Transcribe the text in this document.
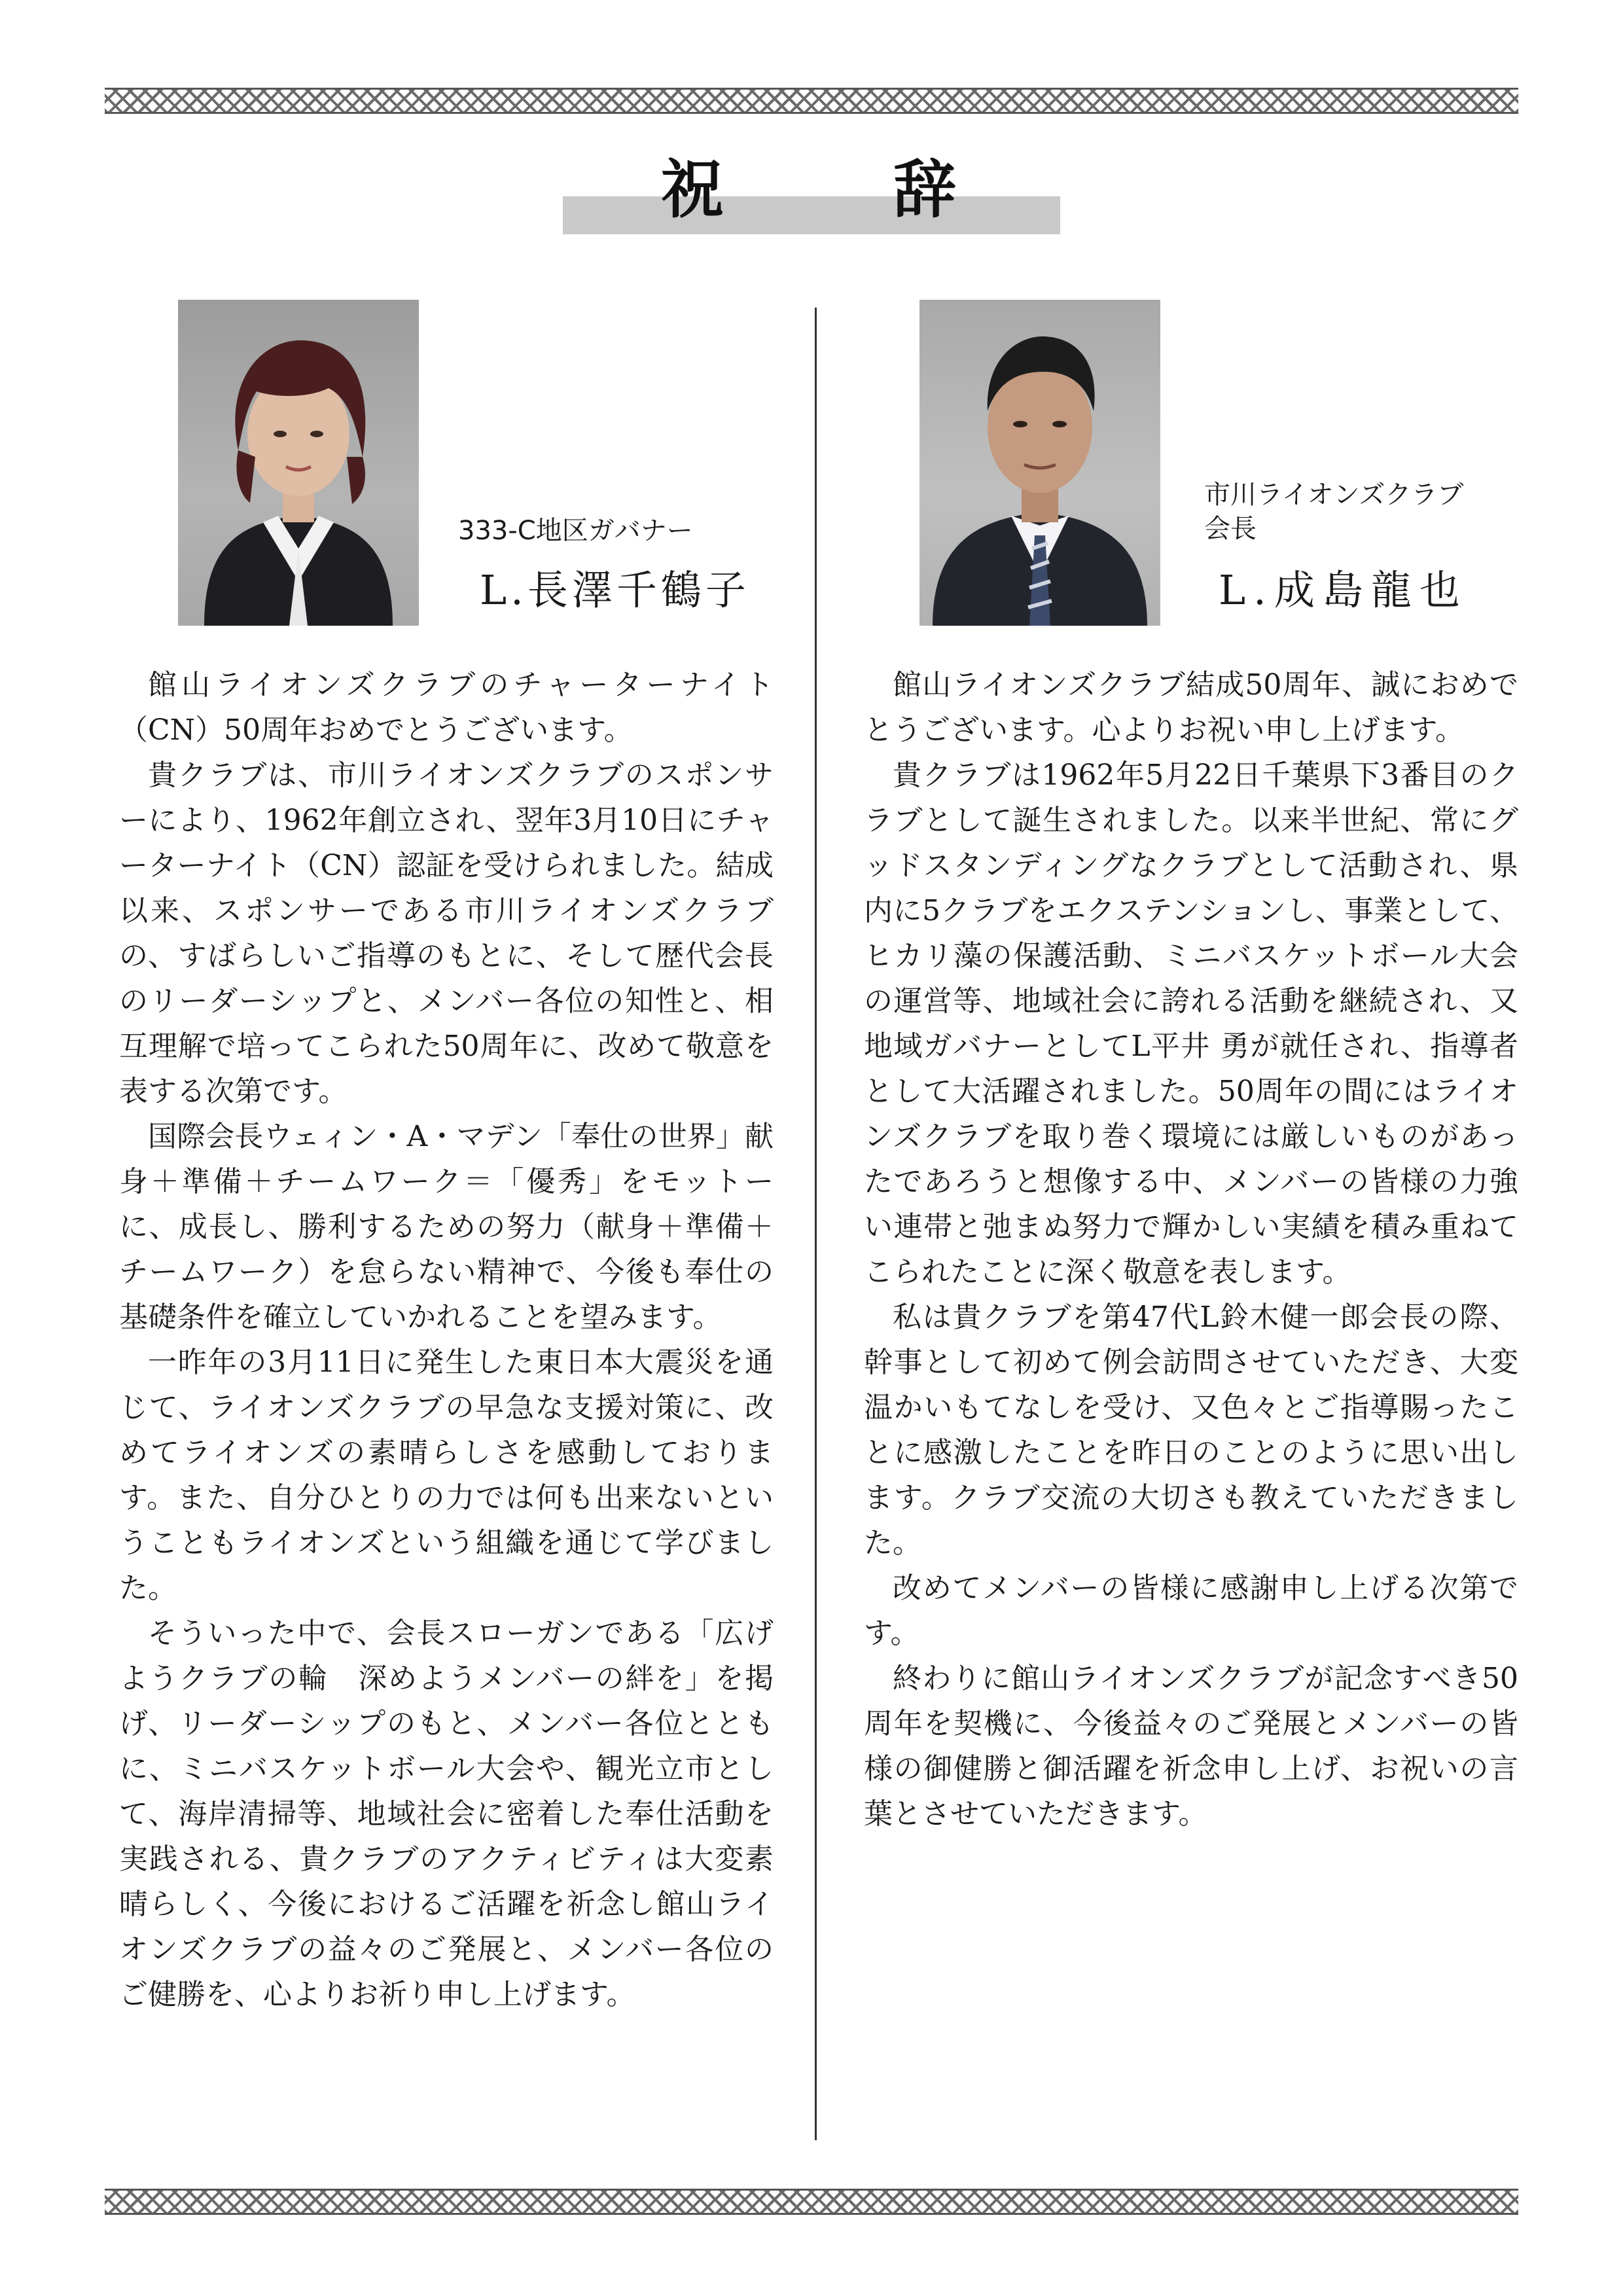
祝	辞
333-C地区ガバナー
L.長澤千鶴子
市川ライオンズクラブ
会長
L.成島龍也

館山ライオンズクラブのチャーターナイト（CN）50周年おめでとうございます。

貴クラブは、市川ライオンズクラブのスポンサーにより、1962年創立され、翌年3月10日にチャーターナイト（CN）認証を受けられました。結成以来、スポンサーである市川ライオンズクラブの、すばらしいご指導のもとに、そして歴代会長のリーダーシップと、メンバー各位の知性と、相互理解で培ってこられた50周年に、改めて敬意を表する次第です。

国際会長ウェィン・A・マデン「奉仕の世界」献身＋準備＋チームワーク＝「優秀」をモットーに、成長し、勝利するための努力（献身＋準備＋チームワーク）を怠らない精神で、今後も奉仕の基礎条件を確立していかれることを望みます。

一昨年の3月11日に発生した東日本大震災を通じて、ライオンズクラブの早急な支援対策に、改めてライオンズの素晴らしさを感動しております。また、自分ひとりの力では何も出来ないということもライオンズという組織を通じて学びました。

そういった中で、会長スローガンである「広げようクラブの輪　深めようメンバーの絆を」を掲げ、リーダーシップのもと、メンバー各位とともに、ミニバスケットボール大会や、観光立市として、海岸清掃等、地域社会に密着した奉仕活動を実践される、貴クラブのアクティビティは大変素晴らしく、今後におけるご活躍を祈念し館山ライオンズクラブの益々のご発展と、メンバー各位のご健勝を、心よりお祈り申し上げます。

館山ライオンズクラブ結成50周年、誠におめでとうございます。心よりお祝い申し上げます。

貴クラブは1962年5月22日千葉県下3番目のクラブとして誕生されました。以来半世紀、常にグッドスタンディングなクラブとして活動され、県内に5クラブをエクステンションし、事業として、ヒカリ藻の保護活動、ミニバスケットボール大会の運営等、地域社会に誇れる活動を継続され、又地域ガバナーとしてL平井 勇が就任され、指導者として大活躍されました。50周年の間にはライオンズクラブを取り巻く環境には厳しいものがあったであろうと想像する中、メンバーの皆様の力強い連帯と弛まぬ努力で輝かしい実績を積み重ねてこられたことに深く敬意を表します。

私は貴クラブを第47代L鈴木健一郎会長の際、幹事として初めて例会訪問させていただき、大変温かいもてなしを受け、又色々とご指導賜ったことに感激したことを昨日のことのように思い出します。クラブ交流の大切さも教えていただきました。

改めてメンバーの皆様に感謝申し上げる次第です。

終わりに館山ライオンズクラブが記念すべき50周年を契機に、今後益々のご発展とメンバーの皆様の御健勝と御活躍を祈念申し上げ、お祝いの言葉とさせていただきます。
